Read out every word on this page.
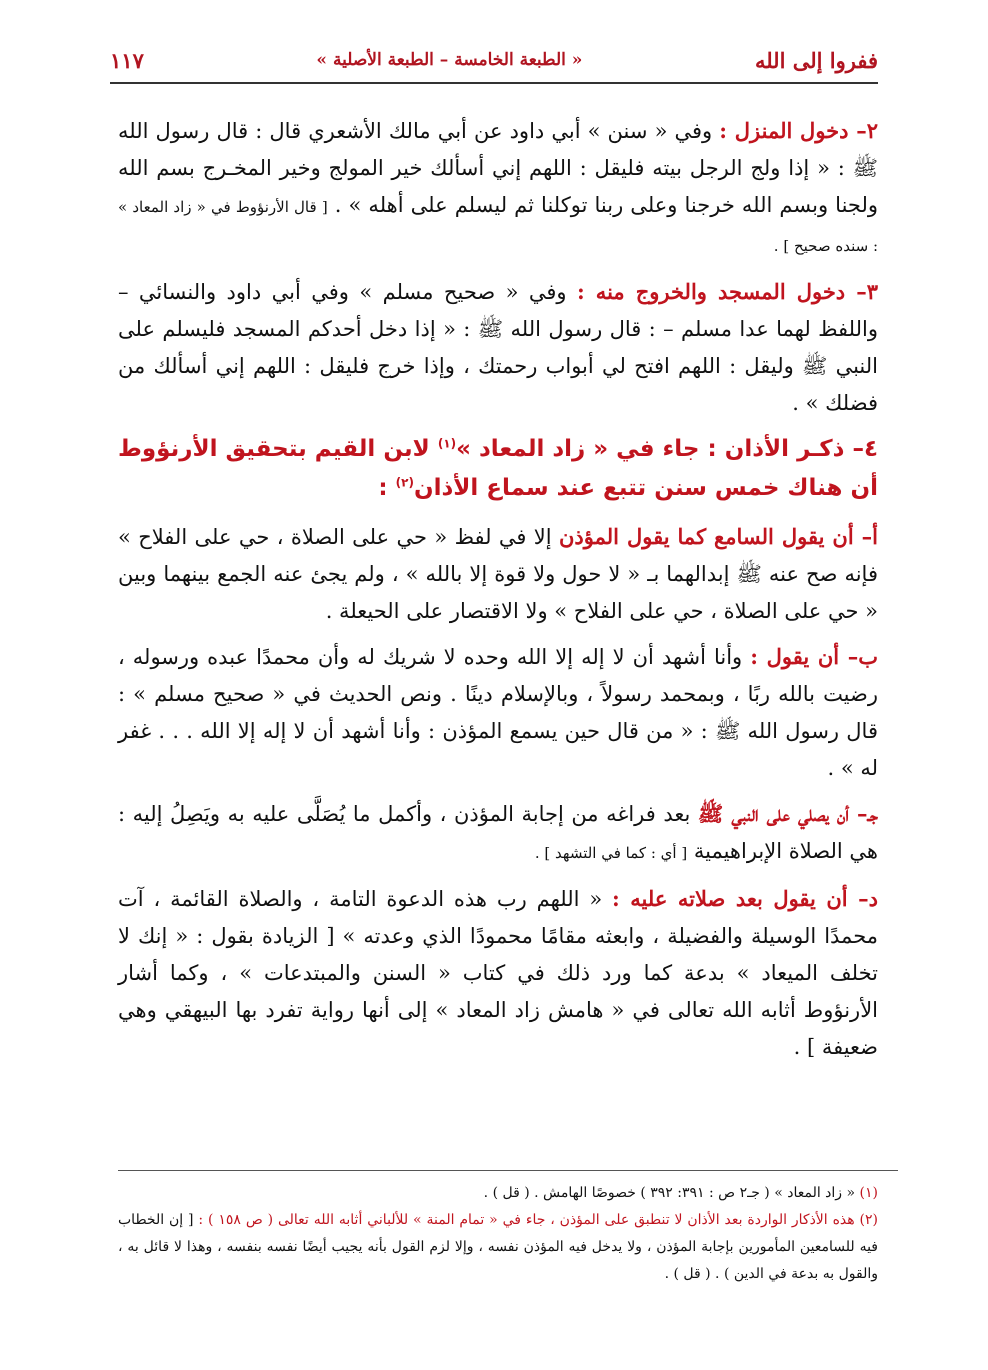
ففروا إلى الله
« الطبعة الخامسة – الطبعة الأصلية »
١١٧

٢– دخول المنزل : وفي « سنن » أبي داود عن أبي مالك الأشعري قال : قال رسول الله ﷺ : « إذا ولج الرجل بيته فليقل : اللهم إني أسألك خير المولج وخير المخـرج بسم الله ولجنا وبسم الله خرجنا وعلى ربنا توكلنا ثم ليسلم على أهله » . [ قال الأرنؤوط في « زاد المعاد » : سنده صحيح ] .

٣– دخول المسجد والخروج منه : وفي « صحيح مسلم » وفي أبي داود والنسائي – واللفظ لهما عدا مسلم – : قال رسول الله ﷺ : « إذا دخل أحدكم المسجد فليسلم على النبي ﷺ وليقل : اللهم افتح لي أبواب رحمتك ، وإذا خرج فليقل : اللهم إني أسألك من فضلك » .

٤– ذكـر الأذان : جاء في « زاد المعاد »$^{(١)}$ لابن القيم بتحقيق الأرنؤوط أن هناك خمس سنن تتبع عند سماع الأذان$^{(٢)}$ :

أ– أن يقول السامع كما يقول المؤذن إلا في لفظ « حي على الصلاة ، حي على الفلاح » فإنه صح عنه ﷺ إبدالهما بـ « لا حول ولا قوة إلا بالله » ، ولم يجئ عنه الجمع بينهما وبين « حي على الصلاة ، حي على الفلاح » ولا الاقتصار على الحيعلة .

ب– أن يقول : وأنا أشهد أن لا إله إلا الله وحده لا شريك له وأن محمدًا عبده ورسوله ، رضيت بالله ربًا ، وبمحمد رسولاً ، وبالإسلام دينًا . ونص الحديث في « صحيح مسلم » : قال رسول الله ﷺ : « من قال حين يسمع المؤذن : وأنا أشهد أن لا إله إلا الله . . . غفر له » .

جـ– أن يصلي على النبي ﷺ بعد فراغه من إجابة المؤذن ، وأكمل ما يُصَلَّى عليه به ويَصِلُ إليه : هي الصلاة الإبراهيمية [ أي : كما في التشهد ] .

د– أن يقول بعد صلاته عليه : « اللهم رب هذه الدعوة التامة ، والصلاة القائمة ، آت محمدًا الوسيلة والفضيلة ، وابعثه مقامًا محمودًا الذي وعدته » [ الزيادة بقول : « إنك لا تخلف الميعاد » بدعة كما ورد ذلك في كتاب « السنن والمبتدعات » ، وكما أشار الأرنؤوط أثابه الله تعالى في « هامش زاد المعاد » إلى أنها رواية تفرد بها البيهقي وهي ضعيفة ] .

(١) « زاد المعاد » ( جـ٢ ص : ٣٩١: ٣٩٢ ) خصوصًا الهامش . ( قل ) .

(٢) هذه الأذكار الواردة بعد الأذان لا تنطبق على المؤذن ، جاء في « تمام المنة » للألباني أثابه الله تعالى ( ص ١٥٨ ) : [ إن الخطاب فيه للسامعين المأمورين بإجابة المؤذن ، ولا يدخل فيه المؤذن نفسه ، وإلا لزم القول بأنه يجيب أيضًا نفسه بنفسه ، وهذا لا قائل به ، والقول به بدعة في الدين ) . ( قل ) .
